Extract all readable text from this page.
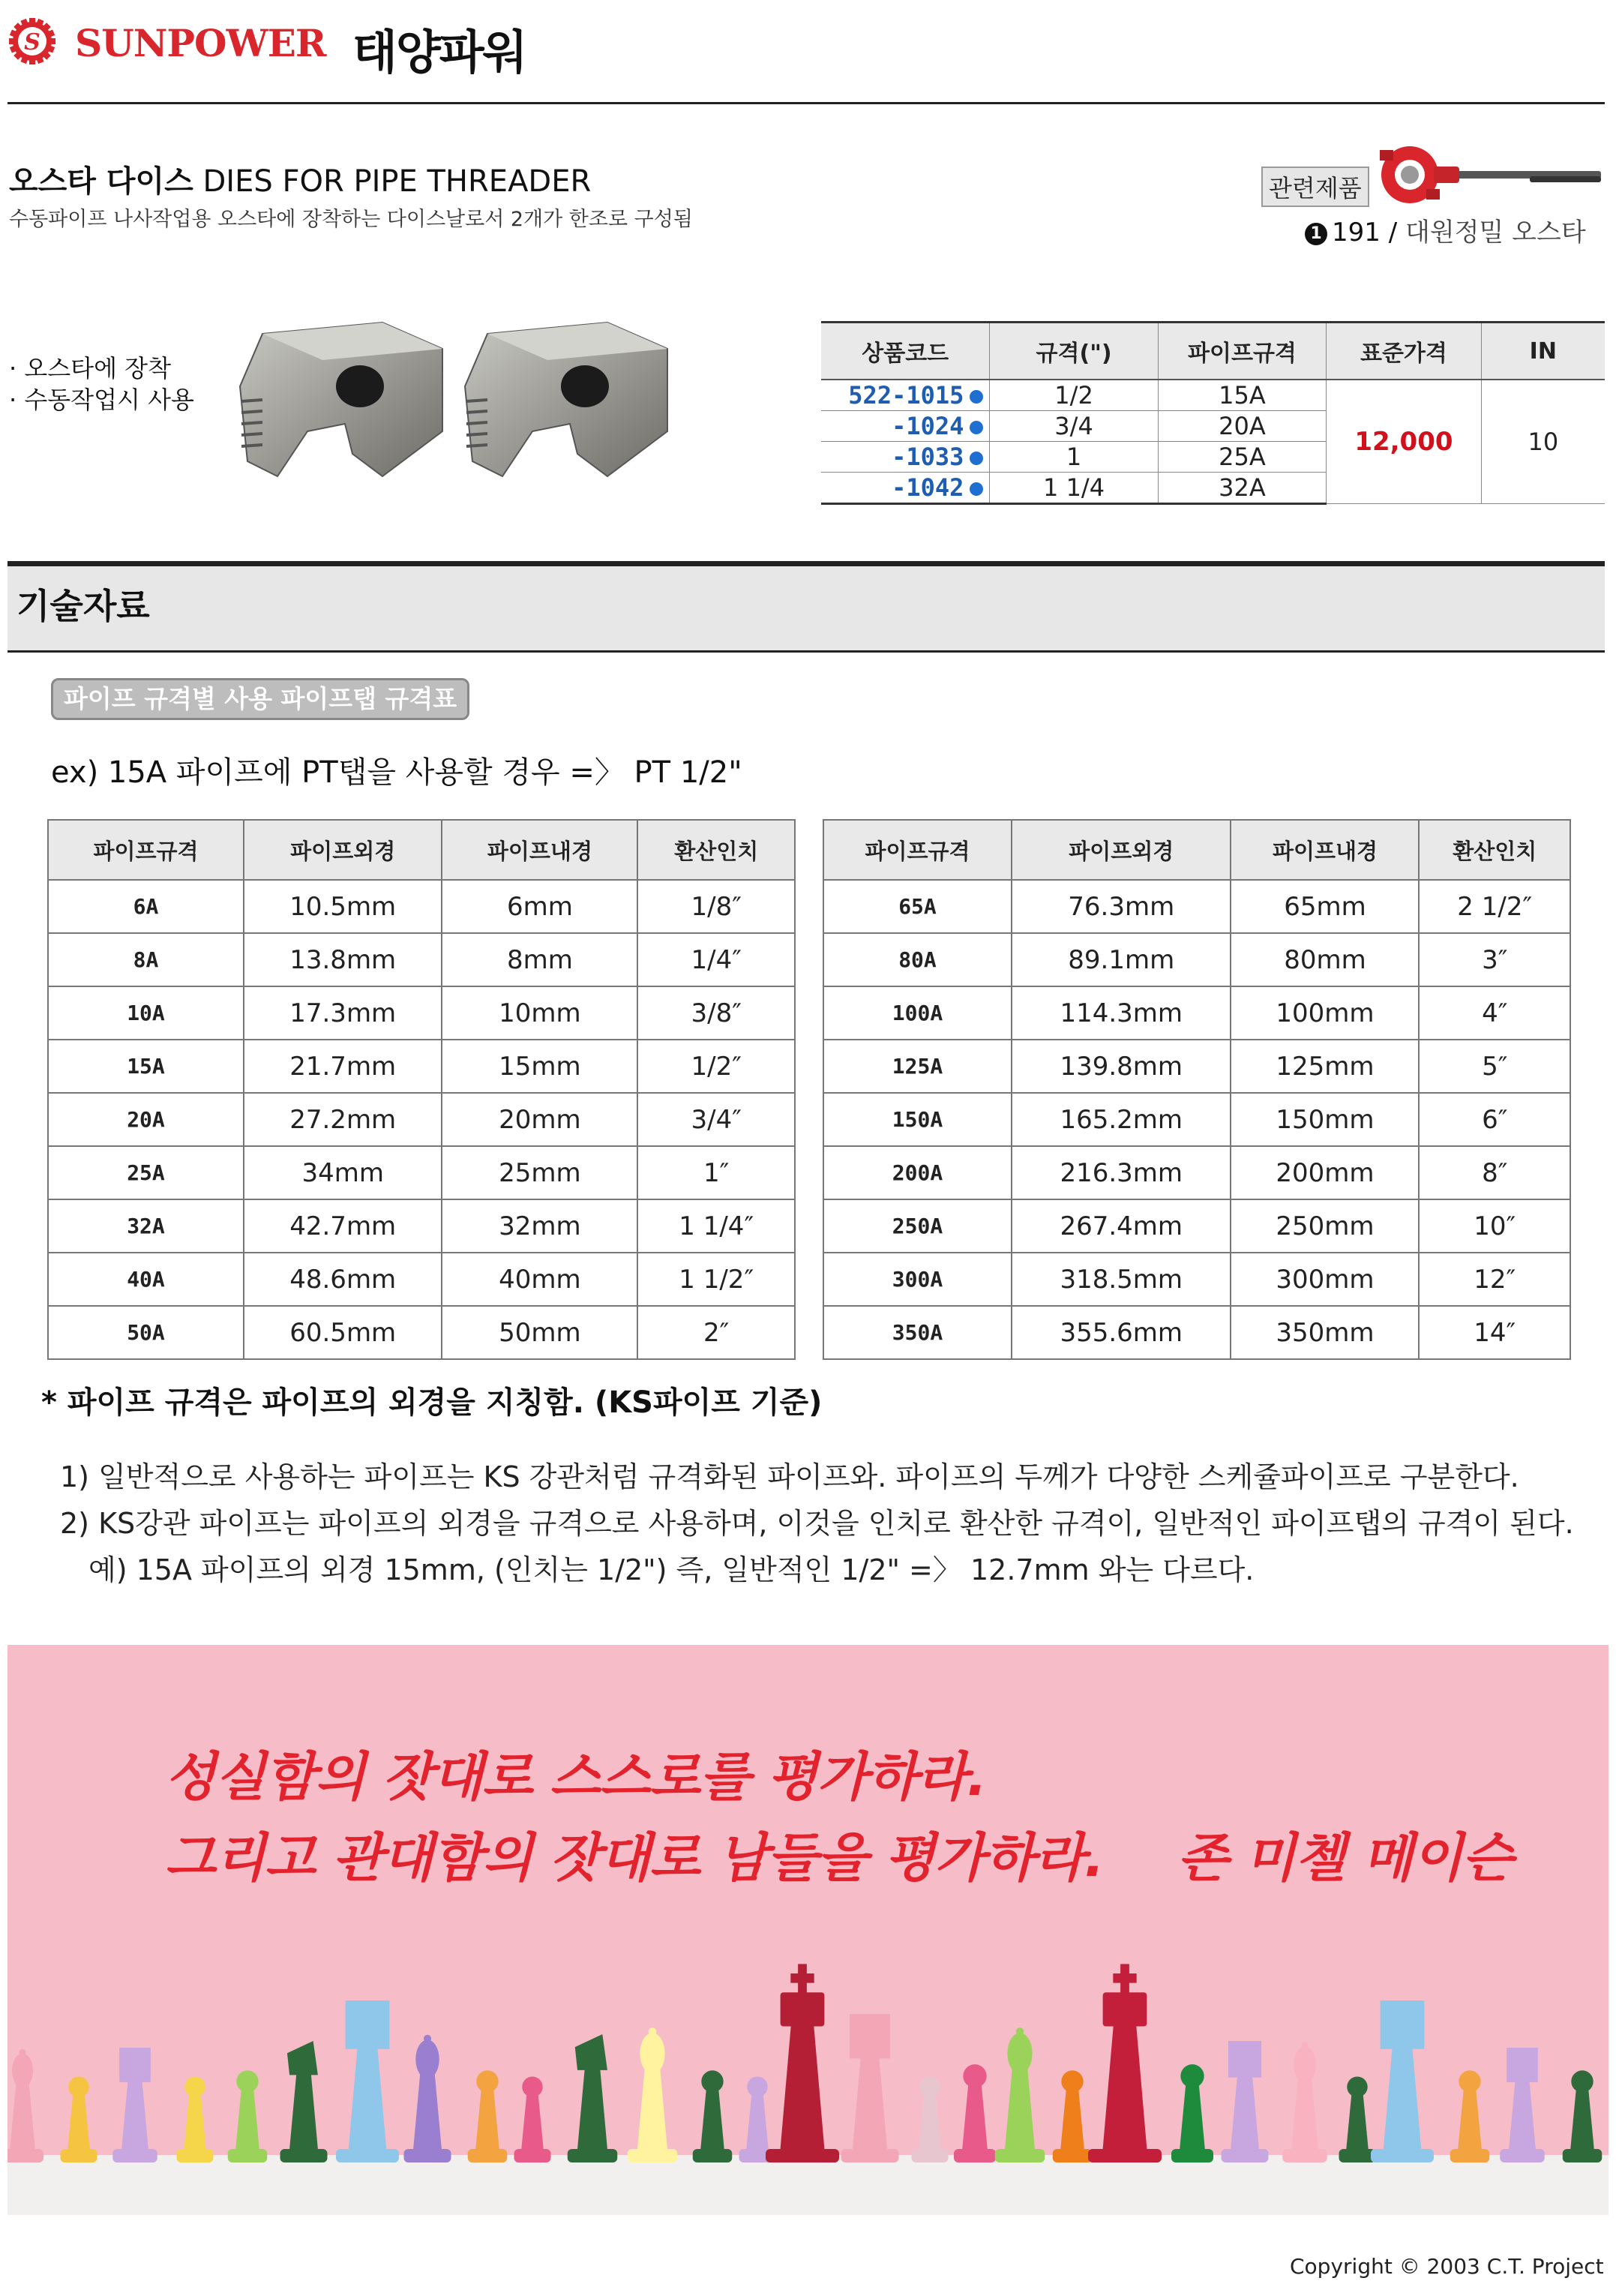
S SUNPOWER 태양파워
오스타 다이스 DIES FOR PIPE THREADER
수동파이프 나사작업용 오스타에 장착하는 다이스날로서 2개가 한조로 구성됨
관련제품
1 191 / 대원정밀 오스타
· 오스타에 장착
· 수동작업시 사용
상품코드	규격(")	파이프규격	표준가격	IN
522-1015	1/2	15A	12,000	10
-1024	3/4	20A		
-1033	1	25A		
-1042	1 1/4	32A		
기술자료
파이프 규격별 사용 파이프탭 규격표
ex) 15A 파이프에 PT탭을 사용할 경우 =〉 PT 1/2"
파이프규격	파이프외경	파이프내경	환산인치
6A	10.5mm	6mm	1/8″
8A	13.8mm	8mm	1/4″
10A	17.3mm	10mm	3/8″
15A	21.7mm	15mm	1/2″
20A	27.2mm	20mm	3/4″
25A	34mm	25mm	1″
32A	42.7mm	32mm	1 1/4″
40A	48.6mm	40mm	1 1/2″
50A	60.5mm	50mm	2″
파이프규격	파이프외경	파이프내경	환산인치
65A	76.3mm	65mm	2 1/2″
80A	89.1mm	80mm	3″
100A	114.3mm	100mm	4″
125A	139.8mm	125mm	5″
150A	165.2mm	150mm	6″
200A	216.3mm	200mm	8″
250A	267.4mm	250mm	10″
300A	318.5mm	300mm	12″
350A	355.6mm	350mm	14″
* 파이프 규격은 파이프의 외경을 지칭함. (KS파이프 기준)
1) 일반적으로 사용하는 파이프는 KS 강관처럼 규격화된 파이프와. 파이프의 두께가 다양한 스케쥴파이프로 구분한다.
2) KS강관 파이프는 파이프의 외경을 규격으로 사용하며, 이것을 인치로 환산한 규격이, 일반적인 파이프탭의 규격이 된다.
예) 15A 파이프의 외경 15mm, (인치는 1/2") 즉, 일반적인 1/2" =〉 12.7mm 와는 다르다.
성실함의 잣대로 스스로를 평가하라.
그리고 관대함의 잣대로 남들을 평가하라. 존 미첼 메이슨
Copyright © 2003 C.T. Project
